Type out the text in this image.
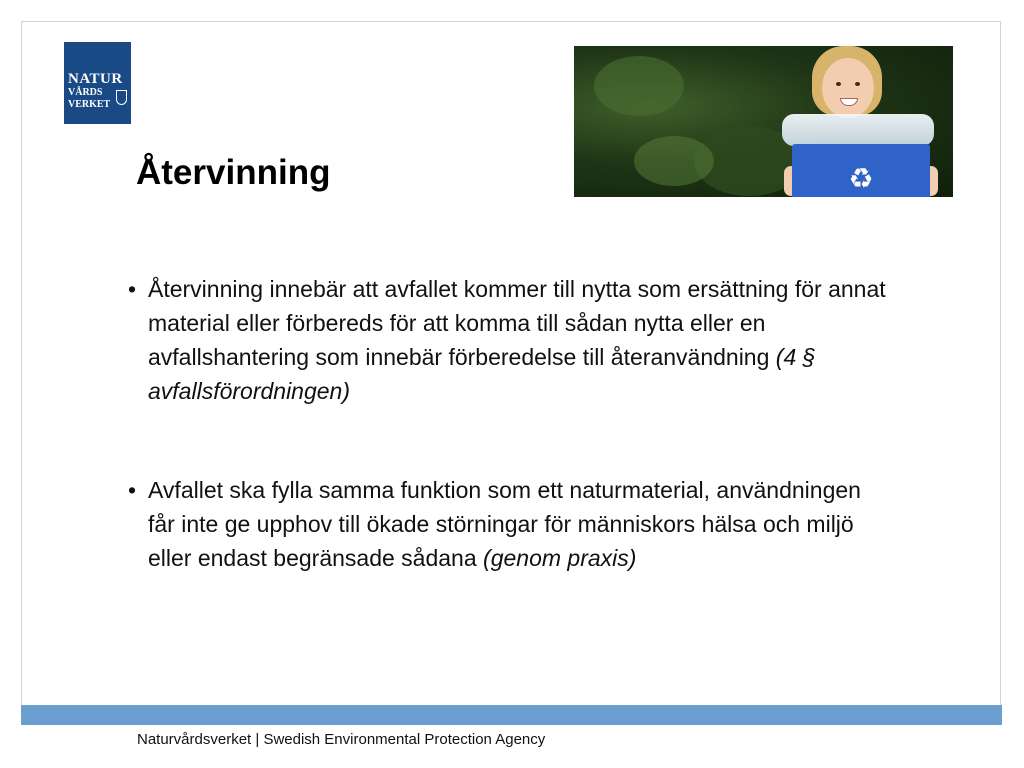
NATUR
VÅRDS
VERKET
Återvinning	♻
• Återvinning innebär att avfallet kommer till nytta som ersättning för annat material eller förbereds för att komma till sådan nytta eller en avfallshantering som innebär förberedelse till återanvändning (4 § avfallsförordningen)
• Avfallet ska fylla samma funktion som ett naturmaterial, användningen får inte ge upphov till ökade störningar för människors hälsa och miljö eller endast begränsade sådana (genom praxis)
Naturvårdsverket | Swedish Environmental Protection Agency
